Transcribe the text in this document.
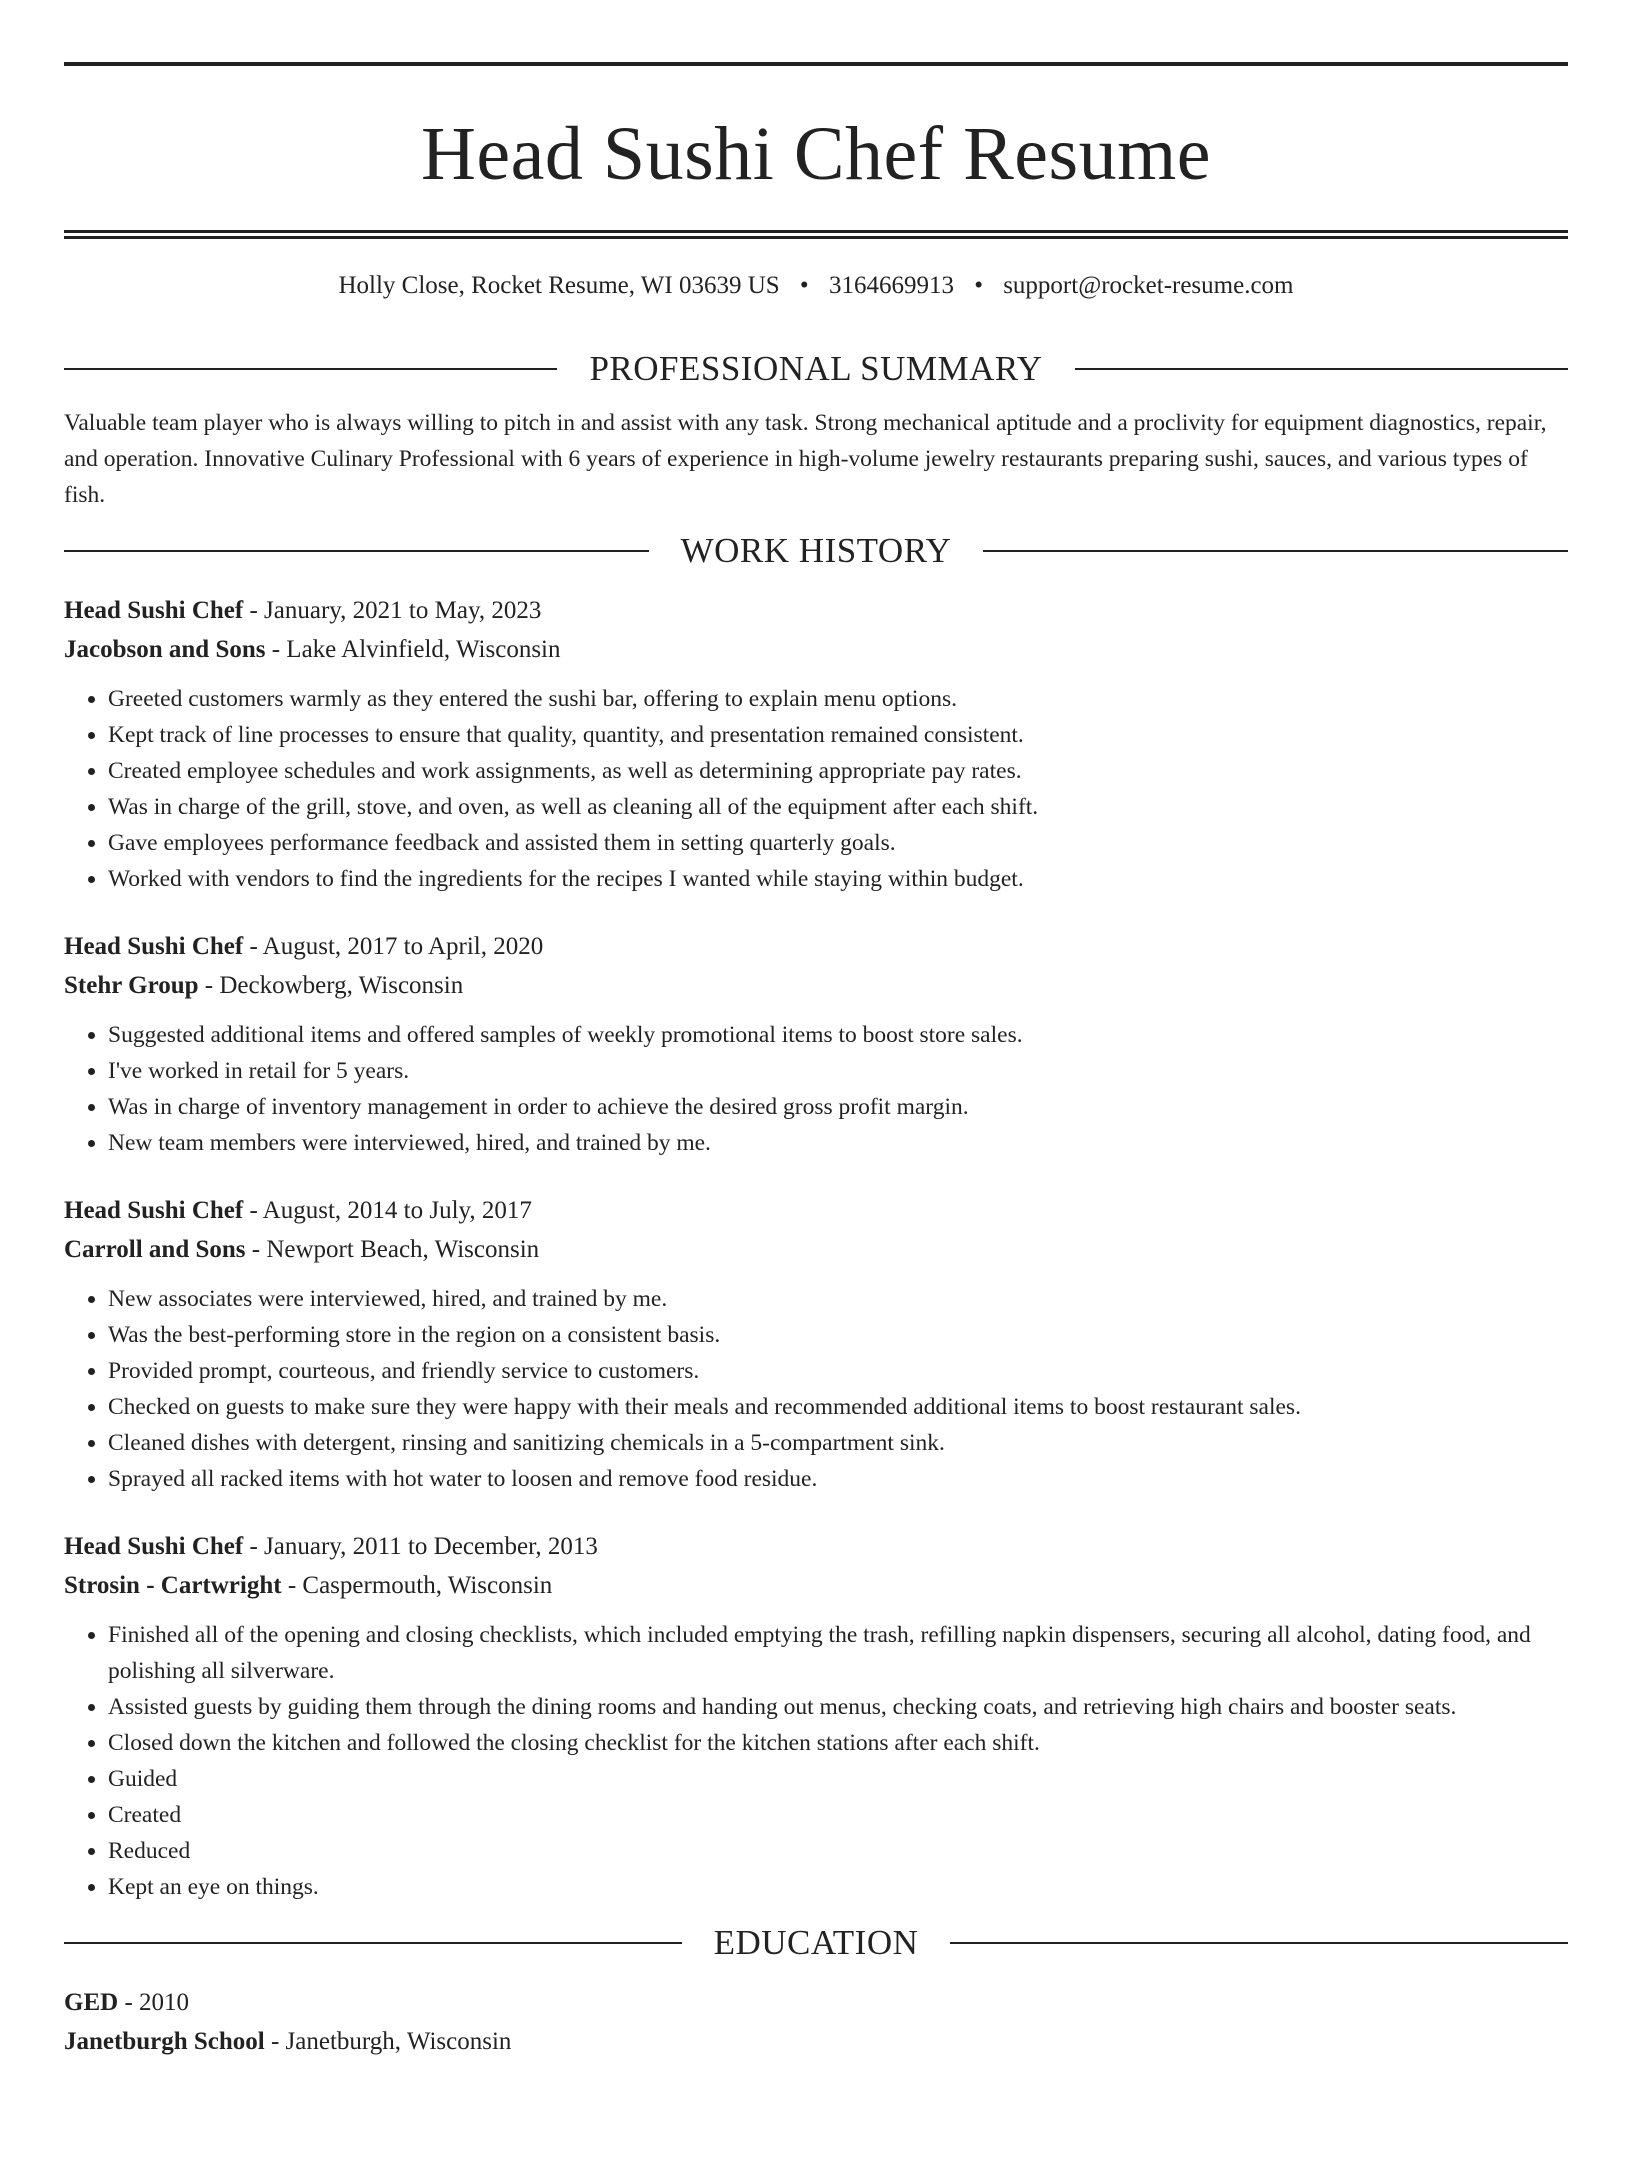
Head Sushi Chef Resume
Holly Close, Rocket Resume, WI 03639 US • 3164669913 • support@rocket-resume.com
PROFESSIONAL SUMMARY

Valuable team player who is always willing to pitch in and assist with any task. Strong mechanical aptitude and a proclivity for equipment diagnostics, repair, and operation. Innovative Culinary Professional with 6 years of experience in high-volume jewelry restaurants preparing sushi, sauces, and various types of fish.

WORK HISTORY
Head Sushi Chef - January, 2021 to May, 2023
Jacobson and Sons - Lake Alvinfield, Wisconsin
• Greeted customers warmly as they entered the sushi bar, offering to explain menu options.
• Kept track of line processes to ensure that quality, quantity, and presentation remained consistent.
• Created employee schedules and work assignments, as well as determining appropriate pay rates.
• Was in charge of the grill, stove, and oven, as well as cleaning all of the equipment after each shift.
• Gave employees performance feedback and assisted them in setting quarterly goals.
• Worked with vendors to find the ingredients for the recipes I wanted while staying within budget.
Head Sushi Chef - August, 2017 to April, 2020
Stehr Group - Deckowberg, Wisconsin
• Suggested additional items and offered samples of weekly promotional items to boost store sales.
• I've worked in retail for 5 years.
• Was in charge of inventory management in order to achieve the desired gross profit margin.
• New team members were interviewed, hired, and trained by me.
Head Sushi Chef - August, 2014 to July, 2017
Carroll and Sons - Newport Beach, Wisconsin
• New associates were interviewed, hired, and trained by me.
• Was the best-performing store in the region on a consistent basis.
• Provided prompt, courteous, and friendly service to customers.
• Checked on guests to make sure they were happy with their meals and recommended additional items to boost restaurant sales.
• Cleaned dishes with detergent, rinsing and sanitizing chemicals in a 5-compartment sink.
• Sprayed all racked items with hot water to loosen and remove food residue.
Head Sushi Chef - January, 2011 to December, 2013
Strosin - Cartwright - Caspermouth, Wisconsin
• Finished all of the opening and closing checklists, which included emptying the trash, refilling napkin dispensers, securing all alcohol, dating food, and polishing all silverware.
• Assisted guests by guiding them through the dining rooms and handing out menus, checking coats, and retrieving high chairs and booster seats.
• Closed down the kitchen and followed the closing checklist for the kitchen stations after each shift.
• Guided
• Created
• Reduced
• Kept an eye on things.
EDUCATION
GED - 2010
Janetburgh School - Janetburgh, Wisconsin
